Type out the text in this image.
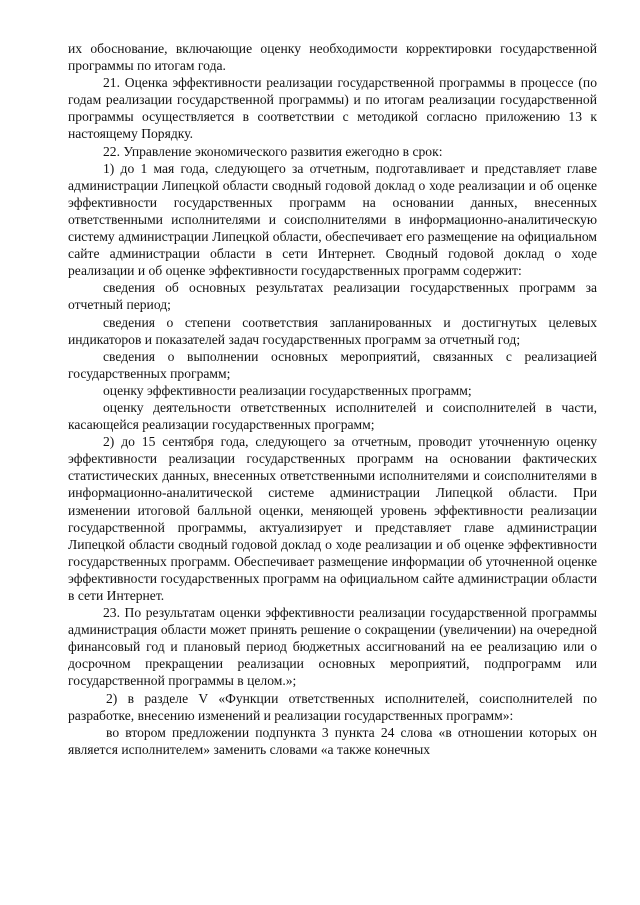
их обоснование, включающие оценку необходимости корректировки государственной программы по итогам года.

21. Оценка эффективности реализации государственной программы в процессе (по годам реализации государственной программы) и по итогам реализации государственной программы осуществляется в соответствии с методикой согласно приложению 13 к настоящему Порядку.

22. Управление экономического развития ежегодно в срок:

1) до 1 мая года, следующего за отчетным, подготавливает и представляет главе администрации Липецкой области сводный годовой доклад о ходе реализации и об оценке эффективности государственных программ на основании данных, внесенных ответственными исполнителями и соисполнителями в информационно-аналитическую систему администрации Липецкой области, обеспечивает его размещение на официальном сайте администрации области в сети Интернет. Сводный годовой доклад о ходе реализации и об оценке эффективности государственных программ содержит:

сведения об основных результатах реализации государственных программ за отчетный период;

сведения о степени соответствия запланированных и достигнутых целевых индикаторов и показателей задач государственных программ за отчетный год;

сведения о выполнении основных мероприятий, связанных с реализацией государственных программ;

оценку эффективности реализации государственных программ;

оценку деятельности ответственных исполнителей и соисполнителей в части, касающейся реализации государственных программ;

2) до 15 сентября года, следующего за отчетным, проводит уточненную оценку эффективности реализации государственных программ на основании фактических статистических данных, внесенных ответственными исполнителями и соисполнителями в информационно-аналитической системе администрации Липецкой области. При изменении итоговой балльной оценки, меняющей уровень эффективности реализации государственной программы, актуализирует и представляет главе администрации Липецкой области сводный годовой доклад о ходе реализации и об оценке эффективности государственных программ. Обеспечивает размещение информации об уточненной оценке эффективности государственных программ на официальном сайте администрации области в сети Интернет.

23. По результатам оценки эффективности реализации государственной программы администрация области может принять решение о сокращении (увеличении) на очередной финансовый год и плановый период бюджетных ассигнований на ее реализацию или о досрочном прекращении реализации основных мероприятий, подпрограмм или государственной программы в целом.»;

2) в разделе V «Функции ответственных исполнителей, соисполнителей по разработке, внесению изменений и реализации государственных программ»:

во втором предложении подпункта 3 пункта 24 слова «в отношении которых он является исполнителем» заменить словами «а также конечных
